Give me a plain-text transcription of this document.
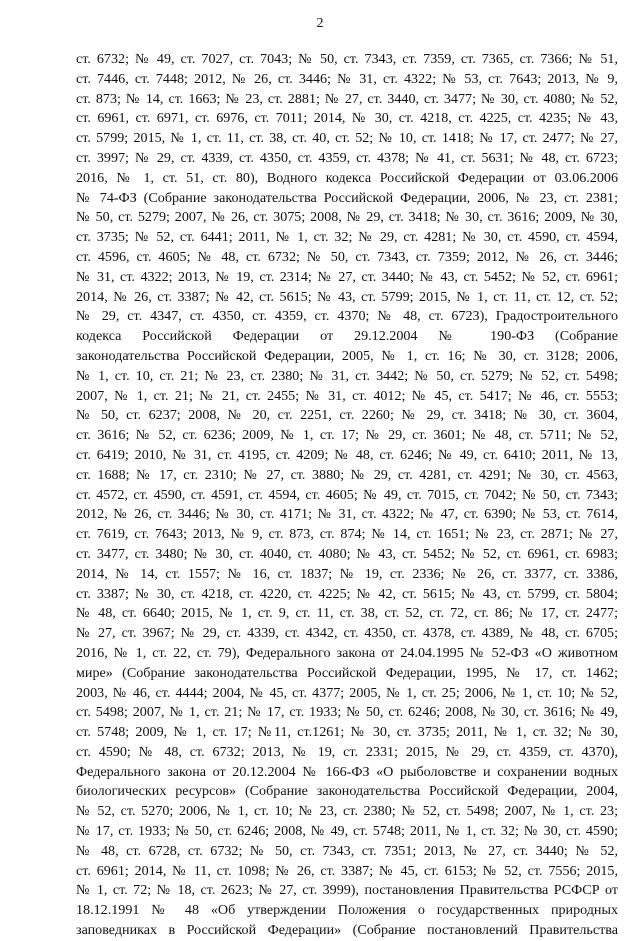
2
ст. 6732; № 49, ст. 7027, ст. 7043; № 50, ст. 7343, ст. 7359, ст. 7365, ст. 7366; № 51,
ст. 7446, ст. 7448; 2012, № 26, ст. 3446; № 31, ст. 4322; № 53, ст. 7643; 2013, № 9,
ст. 873; № 14, ст. 1663; № 23, ст. 2881; № 27, ст. 3440, ст. 3477; № 30, ст. 4080; № 52,
ст. 6961, ст. 6971, ст. 6976, ст. 7011; 2014, № 30, ст. 4218, ст. 4225, ст. 4235; № 43,
ст. 5799; 2015, № 1, ст. 11, ст. 38, ст. 40, ст. 52; № 10, ст. 1418; № 17, ст. 2477; № 27,
ст. 3997; № 29, ст. 4339, ст. 4350, ст. 4359, ст. 4378; № 41, ст. 5631; № 48, ст. 6723;
2016, № 1, ст. 51, ст. 80), Водного кодекса Российской Федерации от 03.06.2006
№ 74-ФЗ (Собрание законодательства Российской Федерации, 2006, № 23, ст. 2381;
№ 50, ст. 5279; 2007, № 26, ст. 3075; 2008, № 29, ст. 3418; № 30, ст. 3616; 2009, № 30,
ст. 3735; № 52, ст. 6441; 2011, № 1, ст. 32; № 29, ст. 4281; № 30, ст. 4590, ст. 4594,
ст. 4596, ст. 4605; № 48, ст. 6732; № 50, ст. 7343, ст. 7359; 2012, № 26, ст. 3446;
№ 31, ст. 4322; 2013, № 19, ст. 2314; № 27, ст. 3440; № 43, ст. 5452; № 52, ст. 6961;
2014, № 26, ст. 3387; № 42, ст. 5615; № 43, ст. 5799; 2015, № 1, ст. 11, ст. 12, ст. 52;
№ 29, ст. 4347, ст. 4350, ст. 4359, ст. 4370; № 48, ст. 6723), Градостроительного
кодекса Российской Федерации от 29.12.2004 № 190-ФЗ (Собрание
законодательства Российской Федерации, 2005, № 1, ст. 16; № 30, ст. 3128; 2006,
№ 1, ст. 10, ст. 21; № 23, ст. 2380; № 31, ст. 3442; № 50, ст. 5279; № 52, ст. 5498;
2007, № 1, ст. 21; № 21, ст. 2455; № 31, ст. 4012; № 45, ст. 5417; № 46, ст. 5553;
№ 50, ст. 6237; 2008, № 20, ст. 2251, ст. 2260; № 29, ст. 3418; № 30, ст. 3604,
ст. 3616; № 52, ст. 6236; 2009, № 1, ст. 17; № 29, ст. 3601; № 48, ст. 5711; № 52,
ст. 6419; 2010, № 31, ст. 4195, ст. 4209; № 48, ст. 6246; № 49, ст. 6410; 2011, № 13,
ст. 1688; № 17, ст. 2310; № 27, ст. 3880; № 29, ст. 4281, ст. 4291; № 30, ст. 4563,
ст. 4572, ст. 4590, ст. 4591, ст. 4594, ст. 4605; № 49, ст. 7015, ст. 7042; № 50, ст. 7343;
2012, № 26, ст. 3446; № 30, ст. 4171; № 31, ст. 4322; № 47, ст. 6390; № 53, ст. 7614,
ст. 7619, ст. 7643; 2013, № 9, ст. 873, ст. 874; № 14, ст. 1651; № 23, ст. 2871; № 27,
ст. 3477, ст. 3480; № 30, ст. 4040, ст. 4080; № 43, ст. 5452; № 52, ст. 6961, ст. 6983;
2014, № 14, ст. 1557; № 16, ст. 1837; № 19, ст. 2336; № 26, ст. 3377, ст. 3386,
ст. 3387; № 30, ст. 4218, ст. 4220, ст. 4225; № 42, ст. 5615; № 43, ст. 5799, ст. 5804;
№ 48, ст. 6640; 2015, № 1, ст. 9, ст. 11, ст. 38, ст. 52, ст. 72, ст. 86; № 17, ст. 2477;
№ 27, ст. 3967; № 29, ст. 4339, ст. 4342, ст. 4350, ст. 4378, ст. 4389, № 48, ст. 6705;
2016, № 1, ст. 22, ст. 79), Федерального закона от 24.04.1995 № 52-ФЗ «О животном
мире» (Собрание законодательства Российской Федерации, 1995, № 17, ст. 1462;
2003, № 46, ст. 4444; 2004, № 45, ст. 4377; 2005, № 1, ст. 25; 2006, № 1, ст. 10; № 52,
ст. 5498; 2007, № 1, ст. 21; № 17, ст. 1933; № 50, ст. 6246; 2008, № 30, ст. 3616; № 49,
ст. 5748; 2009, № 1, ст. 17; №11, ст.1261; № 30, ст. 3735; 2011, № 1, ст. 32; № 30,
ст. 4590; № 48, ст. 6732; 2013, № 19, ст. 2331; 2015, № 29, ст. 4359, ст. 4370),
Федерального закона от 20.12.2004 № 166-ФЗ «О рыболовстве и сохранении водных
биологических ресурсов» (Собрание законодательства Российской Федерации, 2004,
№ 52, ст. 5270; 2006, № 1, ст. 10; № 23, ст. 2380; № 52, ст. 5498; 2007, № 1, ст. 23;
№ 17, ст. 1933; № 50, ст. 6246; 2008, № 49, ст. 5748; 2011, № 1, ст. 32; № 30, ст. 4590;
№ 48, ст. 6728, ст. 6732; № 50, ст. 7343, ст. 7351; 2013, № 27, ст. 3440; № 52,
ст. 6961; 2014, № 11, ст. 1098; № 26, ст. 3387; № 45, ст. 6153; № 52, ст. 7556; 2015,
№ 1, ст. 72; № 18, ст. 2623; № 27, ст. 3999), постановления Правительства РСФСР от
18.12.1991 № 48 «Об утверждении Положения о государственных природных
заповедниках в Российской Федерации» (Собрание постановлений Правительства
